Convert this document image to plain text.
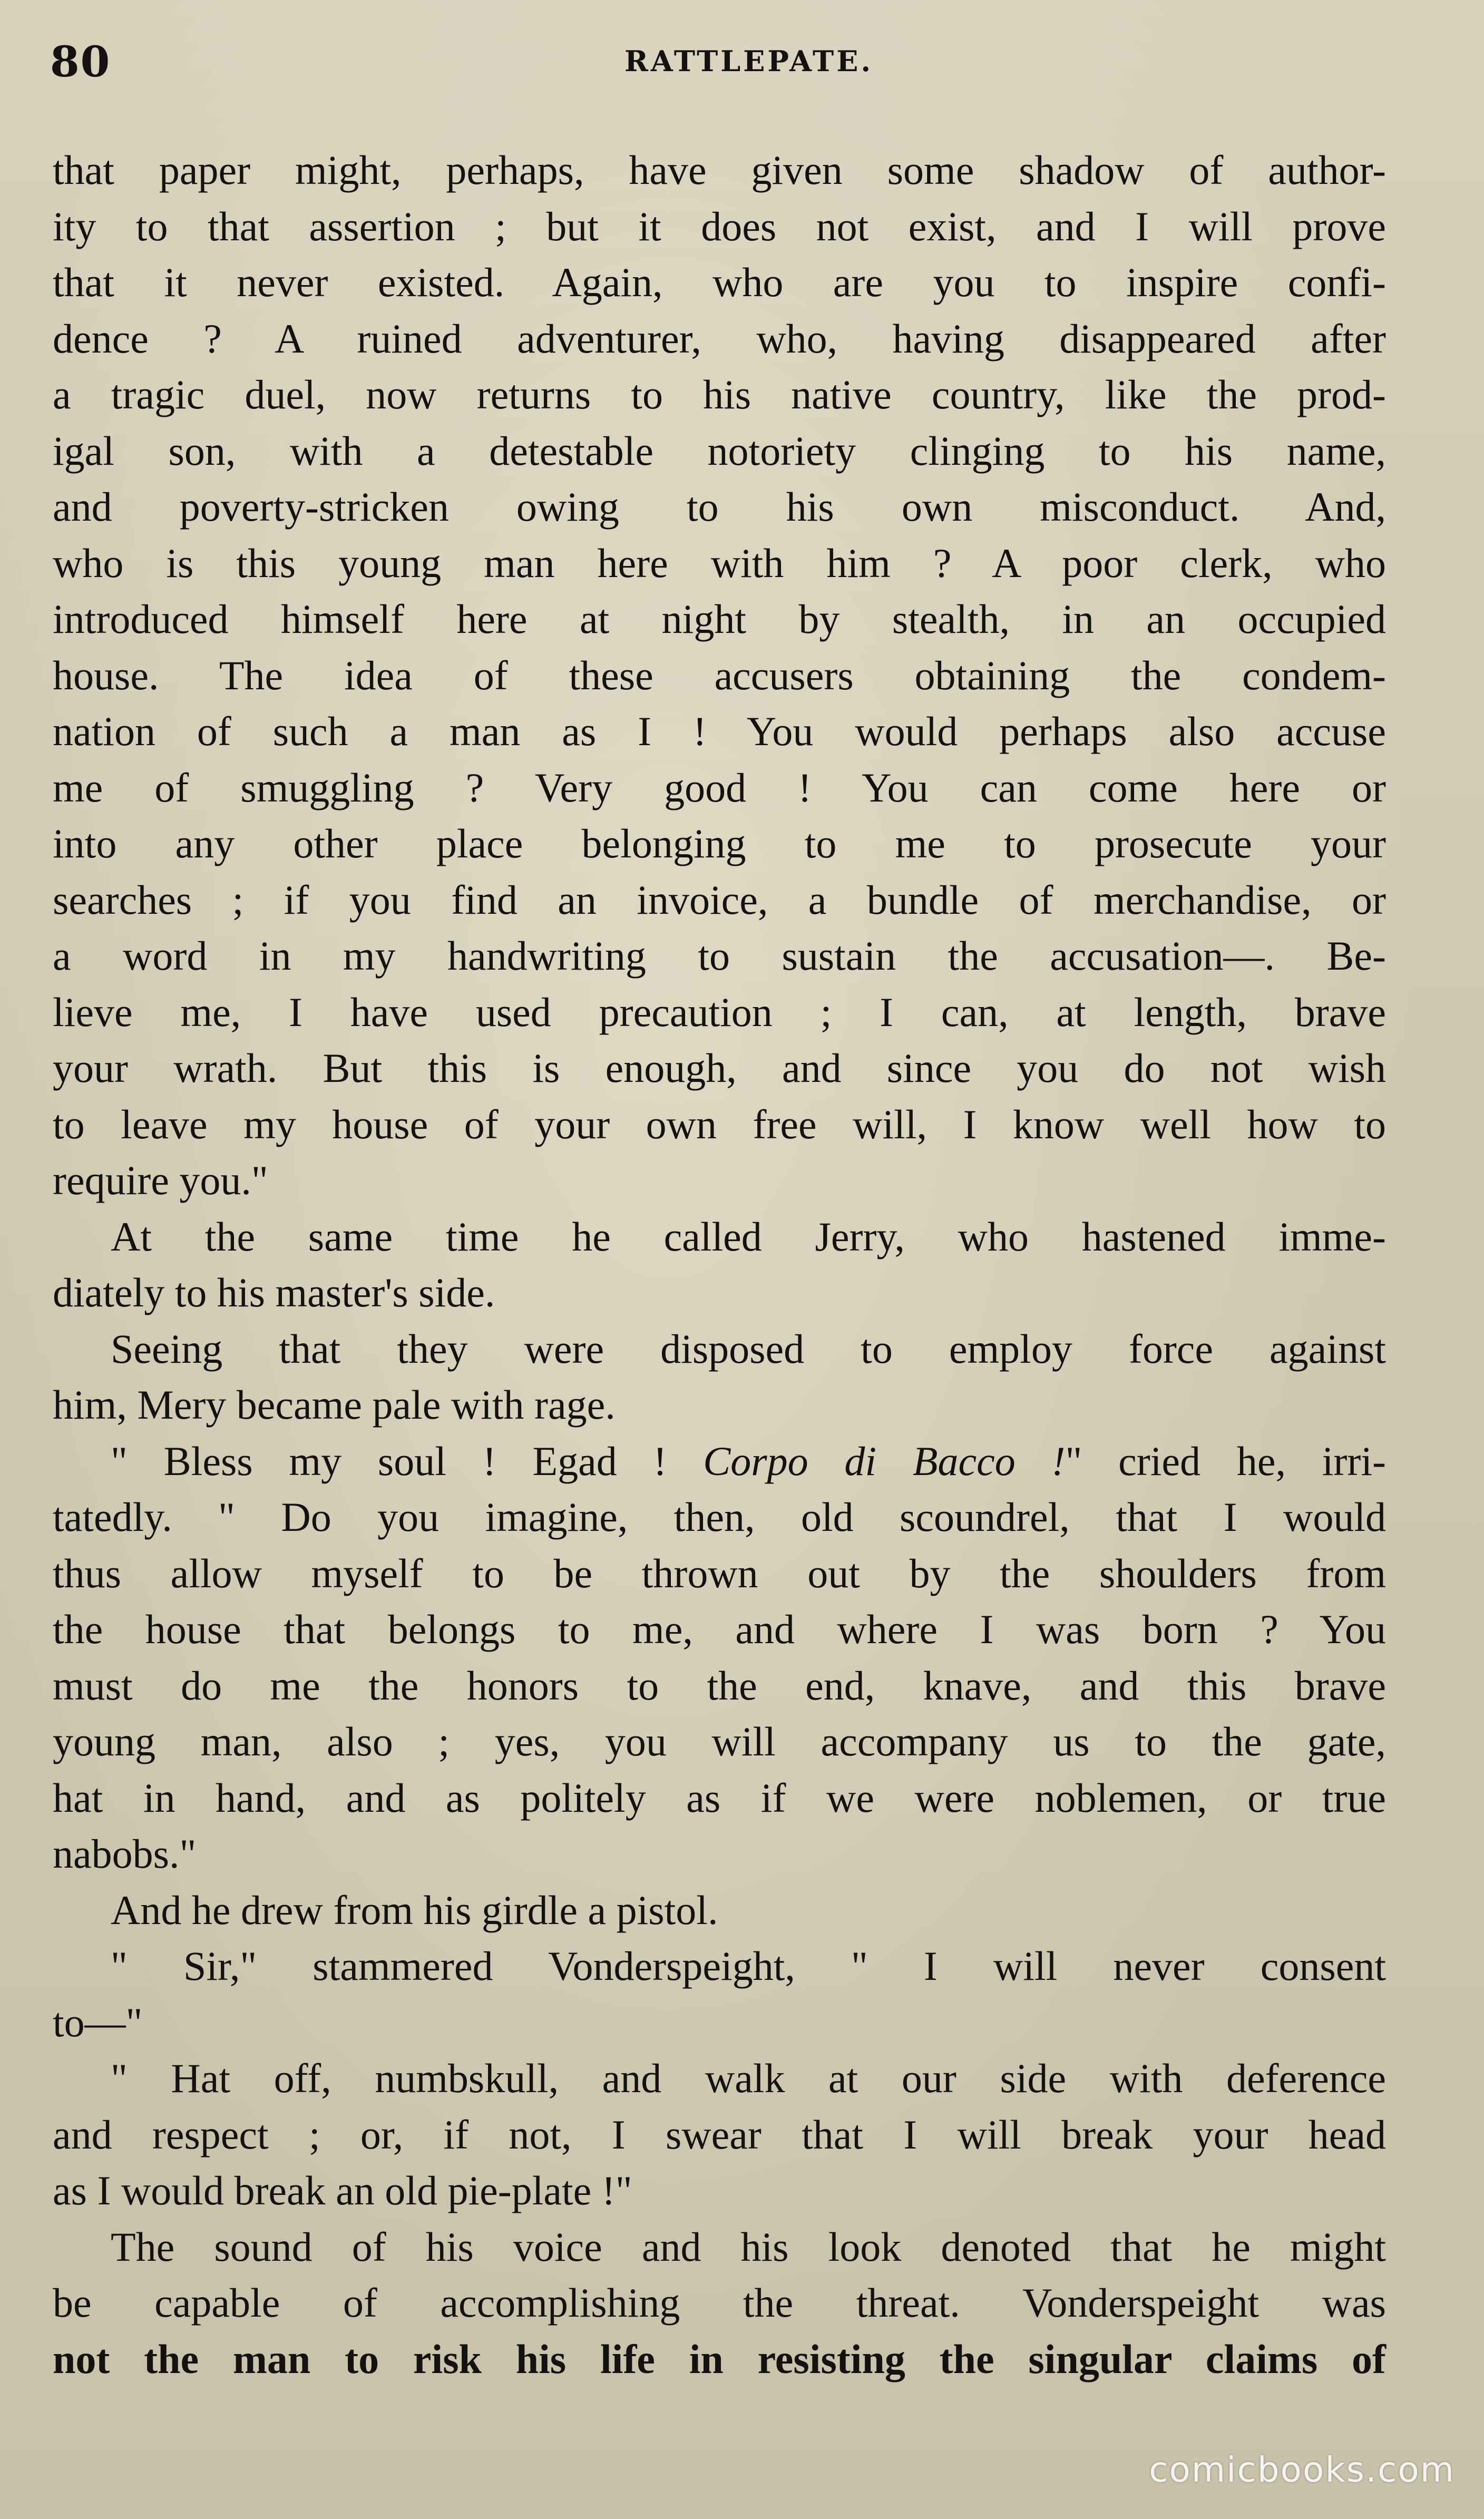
80	RATTLEPATE.
that paper might, perhaps, have given some shadow of author-
ity to that assertion ; but it does not exist, and I will prove
that it never existed. Again, who are you to inspire confi-
dence ? A ruined adventurer, who, having disappeared after
a tragic duel, now returns to his native country, like the prod-
igal son, with a detestable notoriety clinging to his name,
and poverty-stricken owing to his own misconduct. And,
who is this young man here with him ? A poor clerk, who
introduced himself here at night by stealth, in an occupied
house. The idea of these accusers obtaining the condem-
nation of such a man as I ! You would perhaps also accuse
me of smuggling ? Very good ! You can come here or
into any other place belonging to me to prosecute your
searches ; if you find an invoice, a bundle of merchandise, or
a word in my handwriting to sustain the accusation—. Be-
lieve me, I have used precaution ; I can, at length, brave
your wrath. But this is enough, and since you do not wish
to leave my house of your own free will, I know well how to
require you."
At the same time he called Jerry, who hastened imme-
diately to his master's side.
Seeing that they were disposed to employ force against
him, Mery became pale with rage.
" Bless my soul ! Egad ! Corpo di Bacco !" cried he, irri-
tatedly. " Do you imagine, then, old scoundrel, that I would
thus allow myself to be thrown out by the shoulders from
the house that belongs to me, and where I was born ? You
must do me the honors to the end, knave, and this brave
young man, also ; yes, you will accompany us to the gate,
hat in hand, and as politely as if we were noblemen, or true
nabobs."
And he drew from his girdle a pistol.
" Sir," stammered Vonderspeight, " I will never consent
to—"
" Hat off, numbskull, and walk at our side with deference
and respect ; or, if not, I swear that I will break your head
as I would break an old pie-plate !"
The sound of his voice and his look denoted that he might
be capable of accomplishing the threat. Vonderspeight was
not the man to risk his life in resisting the singular claims of
comicbooks.com
